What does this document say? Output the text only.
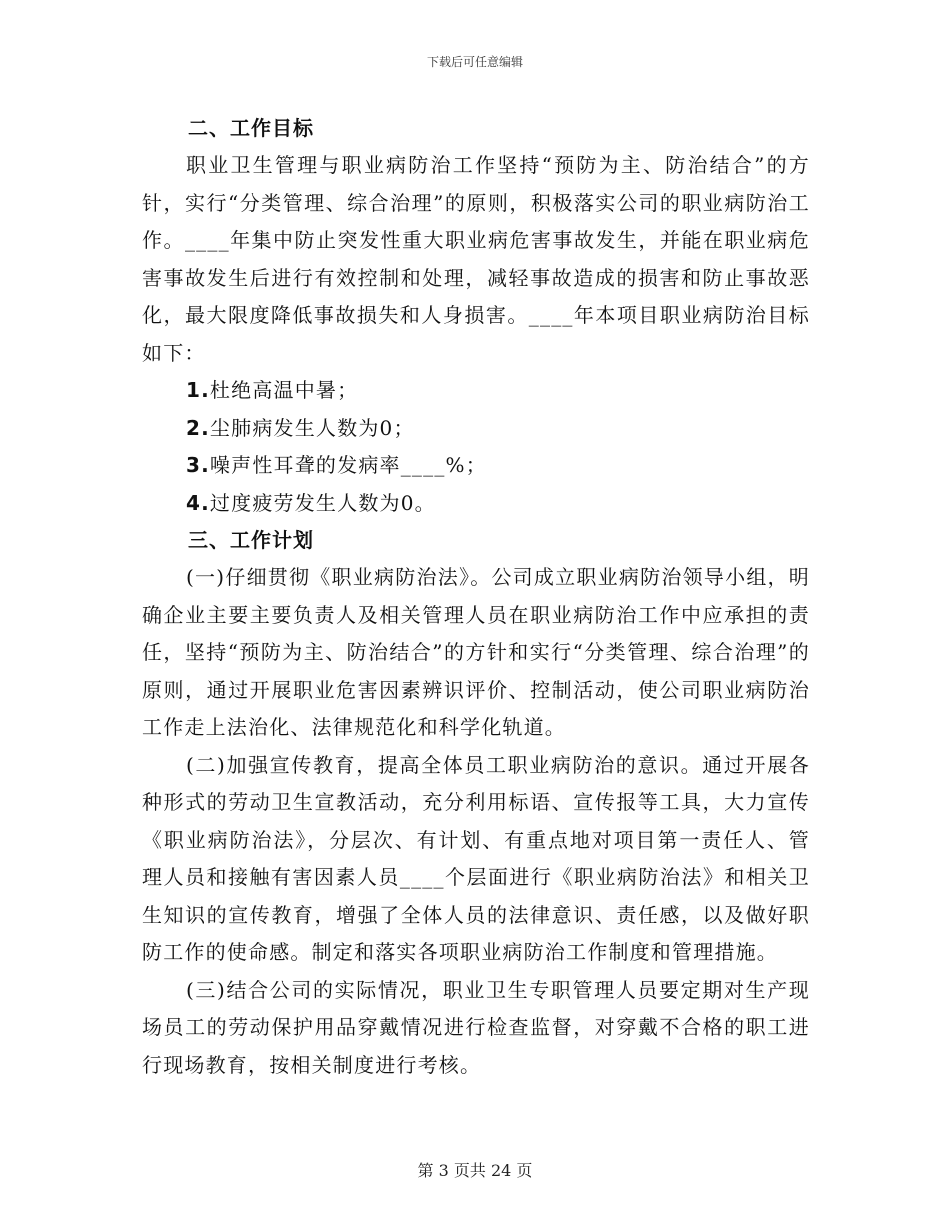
下载后可任意编辑
二、工作目标

职业卫生管理与职业病防治工作坚持“预防为主、防治结合”的方针，实行“分类管理、综合治理”的原则，积极落实公司的职业病防治工作。____年集中防止突发性重大职业病危害事故发生，并能在职业病危害事故发生后进行有效控制和处理，减轻事故造成的损害和防止事故恶化，最大限度降低事故损失和人身损害。____年本项目职业病防治目标如下：

1.杜绝高温中暑；
2.尘肺病发生人数为0；
3.噪声性耳聋的发病率____%；
4.过度疲劳发生人数为0。
三、工作计划

(一)仔细贯彻《职业病防治法》。公司成立职业病防治领导小组，明确企业主要主要负责人及相关管理人员在职业病防治工作中应承担的责任，坚持“预防为主、防治结合”的方针和实行“分类管理、综合治理”的原则，通过开展职业危害因素辨识评价、控制活动，使公司职业病防治工作走上法治化、法律规范化和科学化轨道。

(二)加强宣传教育，提高全体员工职业病防治的意识。通过开展各种形式的劳动卫生宣教活动，充分利用标语、宣传报等工具，大力宣传《职业病防治法》，分层次、有计划、有重点地对项目第一责任人、管理人员和接触有害因素人员____个层面进行《职业病防治法》和相关卫生知识的宣传教育，增强了全体人员的法律意识、责任感，以及做好职防工作的使命感。制定和落实各项职业病防治工作制度和管理措施。

(三)结合公司的实际情况，职业卫生专职管理人员要定期对生产现场员工的劳动保护用品穿戴情况进行检查监督，对穿戴不合格的职工进行现场教育，按相关制度进行考核。

第 3 页共 24 页
